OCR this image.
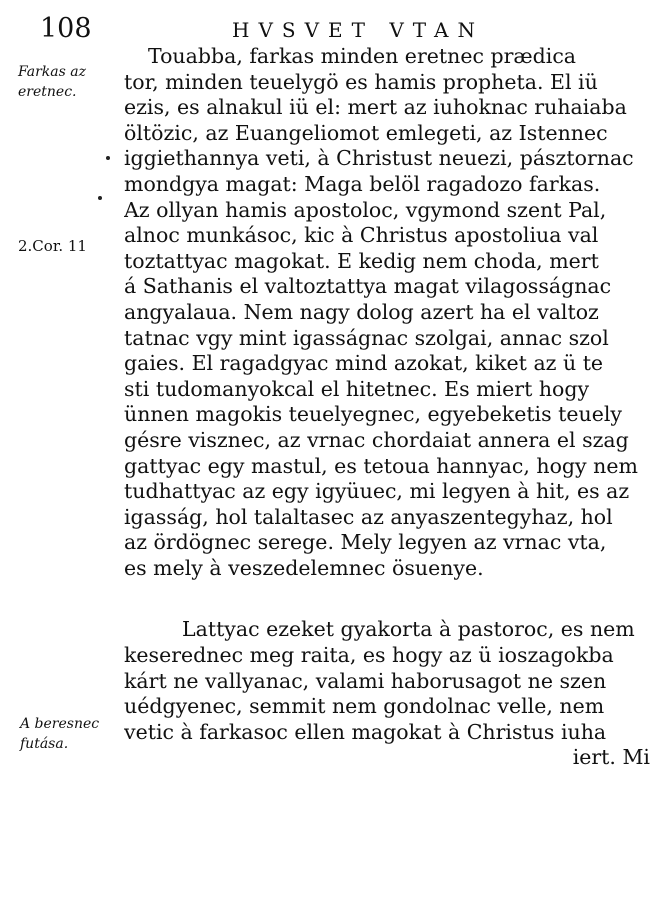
108	HVSVET VTAN
Farkas az
eretnec.
2.Cor. 11
A beresnec
futása.
Touabba, farkas minden eretnec prædica
tor, minden teuelygö es hamis propheta. El iü
ezis, es alnakul iü el: mert az iuhoknac ruhaiaba
öltözic, az Euangeliomot emlegeti, az Istennec
iggiethannya veti, à Christust neuezi, pásztornac
mondgya magat: Maga belöl ragadozo farkas.
Az ollyan hamis apostoloc, vgymond szent Pal,
alnoc munkásoc, kic à Christus apostoliua val
toztattyac magokat. E kedig nem choda, mert
á Sathanis el valtoztattya magat vilagosságnac
angyalaua. Nem nagy dolog azert ha el valtoz
tatnac vgy mint igasságnac szolgai, annac szol
gaies. El ragadgyac mind azokat, kiket az ü te
sti tudomanyokcal el hitetnec. Es miert hogy
ünnen magokis teuelyegnec, egyebeketis teuely
gésre visznec, az vrnac chordaiat annera el szag
gattyac egy mastul, es tetoua hannyac, hogy nem
tudhattyac az egy igyüuec, mi legyen à hit, es az
igasság, hol talaltasec az anyaszentegyhaz, hol
az ördögnec serege. Mely legyen az vrnac vta,
es mely à veszedelemnec ösuenye.
Lattyac ezeket gyakorta à pastoroc, es nem
keserednec meg raita, es hogy az ü ioszagokba
kárt ne vallyanac, valami haborusagot ne szen
uédgyenec, semmit nem gondolnac velle, nem
vetic à farkasoc ellen magokat à Christus iuha
iert. Mi
